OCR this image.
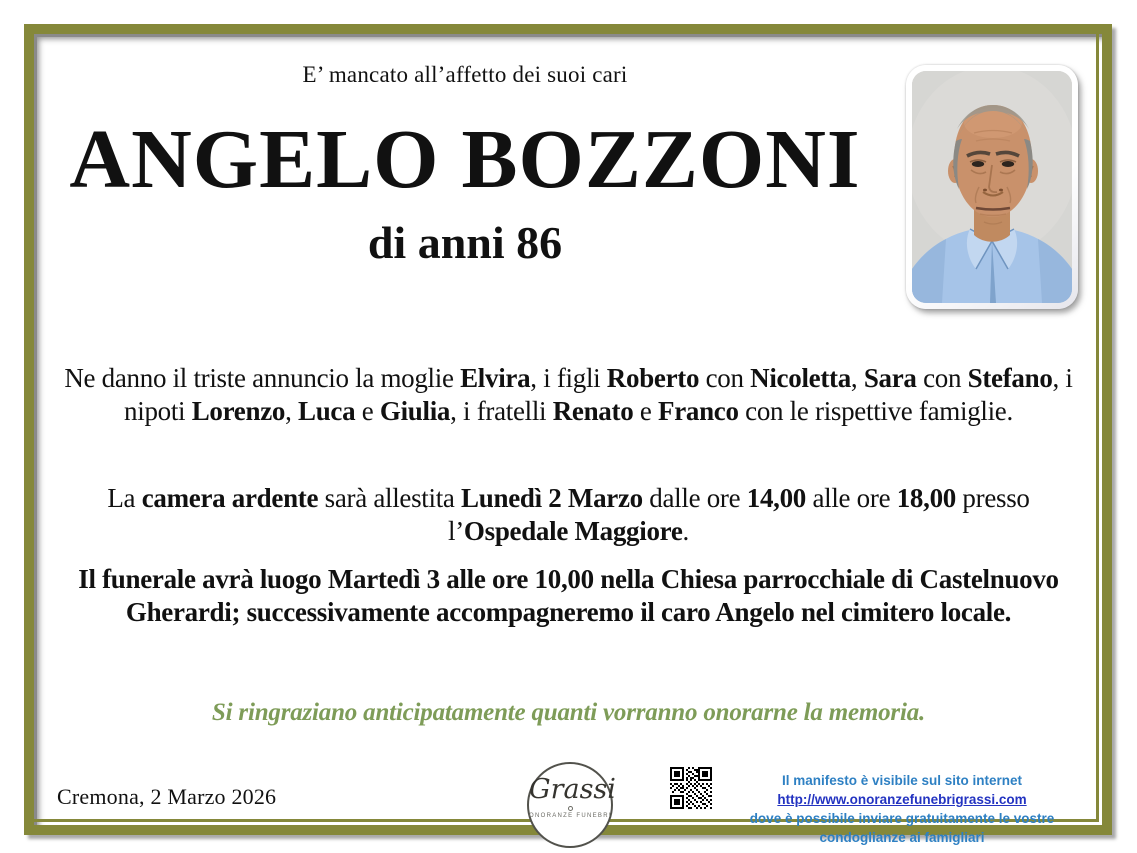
E’ mancato all’affetto dei suoi cari
ANGELO BOZZONI
di anni 86
Ne danno il triste annuncio la moglie Elvira, i figli Roberto con Nicoletta, Sara con Stefano, i nipoti Lorenzo, Luca e Giulia, i fratelli Renato e Franco con le rispettive famiglie.
La camera ardente sarà allestita Lunedì 2 Marzo dalle ore 14,00 alle ore 18,00 presso l’Ospedale Maggiore.
Il funerale avrà luogo Martedì 3 alle ore 10,00 nella Chiesa parrocchiale di Castelnuovo Gherardi; successivamente accompagneremo il caro Angelo nel cimitero locale.
Si ringraziano anticipatamente quanti vorranno onorarne la memoria.
Cremona, 2 Marzo 2026	Grassi
ONORANZE FUNEBRI
Il manifesto è visibile sul sito internet http://www.onoranzefunebrigrassi.com
dove è possibile inviare gratuitamente le vostre condoglianze ai famigliari
